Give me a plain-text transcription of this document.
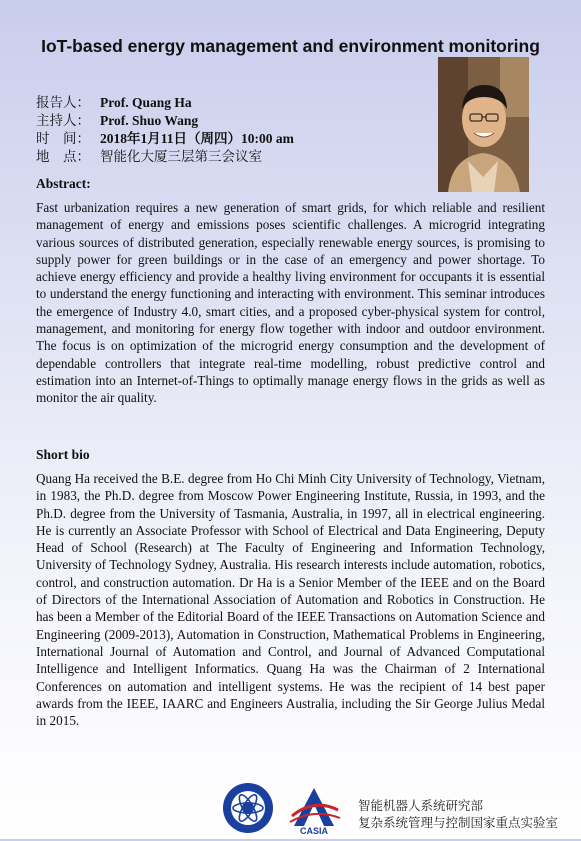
IoT-based energy management and environment monitoring
报告人： Prof. Quang Ha
主持人： Prof. Shuo Wang
时　间： 2018年1月11日（周四）10:00 am
地　点： 智能化大厦三层第三会议室
Abstract:
Fast urbanization requires a new generation of smart grids, for which reliable and resilient management of energy and emissions poses scientific challenges. A microgrid integrating various sources of distributed generation, especially renewable energy sources, is promising to supply power for green buildings or in the case of an emergency and power shortage. To achieve energy efficiency and provide a healthy living environment for occupants it is essential to understand the energy functioning and interacting with environment. This seminar introduces the emergence of Industry 4.0, smart cities, and a proposed cyber-physical system for control, management, and monitoring for energy flow together with indoor and outdoor environment. The focus is on optimization of the microgrid energy consumption and the development of dependable controllers that integrate real-time modelling, robust predictive control and estimation into an Internet-of-Things to optimally manage energy flows in the grids as well as monitor the air quality.
Short bio
Quang Ha received the B.E. degree from Ho Chi Minh City University of Technology, Vietnam, in 1983, the Ph.D. degree from Moscow Power Engineering Institute, Russia, in 1993, and the Ph.D. degree from the University of Tasmania, Australia, in 1997, all in electrical engineering. He is currently an Associate Professor with School of Electrical and Data Engineering, Deputy Head of School (Research) at The Faculty of Engineering and Information Technology, University of Technology Sydney, Australia. His research interests include automation, robotics, control, and construction automation. Dr Ha is a Senior Member of the IEEE and on the Board of Directors of the International Association of Automation and Robotics in Construction. He has been a Member of the Editorial Board of the IEEE Transactions on Automation Science and Engineering (2009-2013), Automation in Construction, Mathematical Problems in Engineering, International Journal of Automation and Control, and Journal of Advanced Computational Intelligence and Intelligent Informatics. Quang Ha was the Chairman of 2 International Conferences on automation and intelligent systems. He was the recipient of 14 best paper awards from the IEEE, IAARC and Engineers Australia, including the Sir George Julius Medal in 2015.
CASIA
智能机器人系统研究部
复杂系统管理与控制国家重点实验室
